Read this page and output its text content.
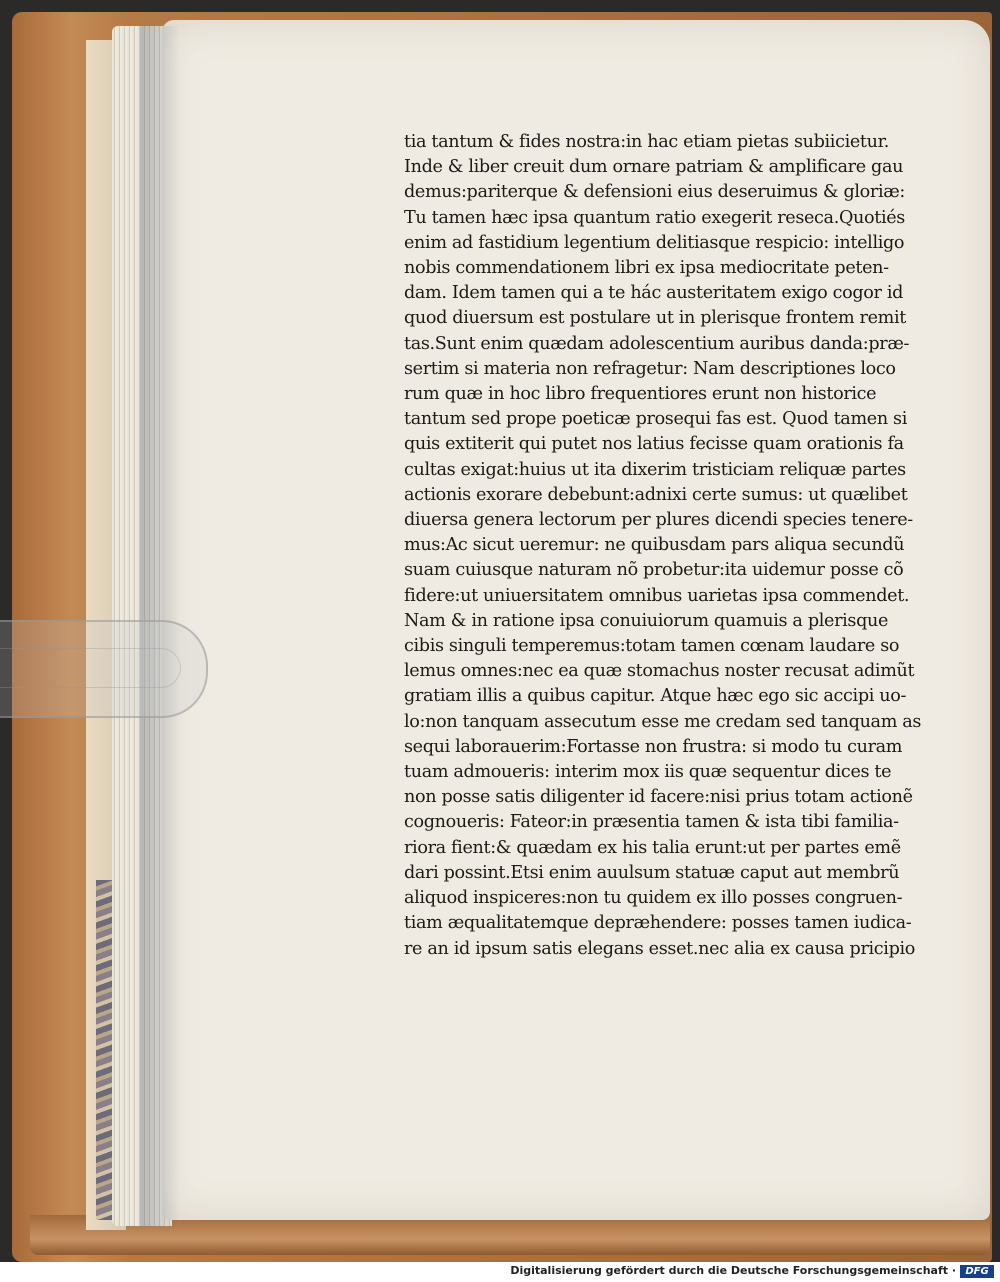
tia tantum & fides nostra:in hac etiam pietas subiicietur.
Inde & liber creuit dum ornare patriam & amplificare gau
demus:pariterque & defensioni eius deseruimus & gloriæ:
Tu tamen hæc ipsa quantum ratio exegerit reseca.Quotiés
enim ad fastidium legentium delitiasque respicio: intelligo
nobis commendationem libri ex ipsa mediocritate peten-
dam. Idem tamen qui a te hác austeritatem exigo cogor id
quod diuersum est postulare ut in plerisque frontem remit
tas.Sunt enim quædam adolescentium auribus danda:præ-
sertim si materia non refragetur: Nam descriptiones loco
rum quæ in hoc libro frequentiores erunt non historice
tantum sed prope poeticæ prosequi fas est. Quod tamen si
quis extiterit qui putet nos latius fecisse quam orationis fa
cultas exigat:huius ut ita dixerim tristiciam reliquæ partes
actionis exorare debebunt:adnixi certe sumus: ut quælibet
diuersa genera lectorum per plures dicendi species tenere-
mus:Ac sicut ueremur: ne quibusdam pars aliqua secundũ
suam cuiusque naturam nõ probetur:ita uidemur posse cõ
fidere:ut uniuersitatem omnibus uarietas ipsa commendet.
Nam & in ratione ipsa conuiuiorum quamuis a plerisque
cibis singuli temperemus:totam tamen cœnam laudare so
lemus omnes:nec ea quæ stomachus noster recusat adimũt
gratiam illis a quibus capitur. Atque hæc ego sic accipi uo-
lo:non tanquam assecutum esse me credam sed tanquam as
sequi laborauerim:Fortasse non frustra: si modo tu curam
tuam admoueris: interim mox iis quæ sequentur dices te
non posse satis diligenter id facere:nisi prius totam actionẽ
cognoueris: Fateor:in præsentia tamen & ista tibi familia-
riora fient:& quædam ex his talia erunt:ut per partes emẽ
dari possint.Etsi enim auulsum statuæ caput aut membrũ
aliquod inspiceres:non tu quidem ex illo posses congruen-
tiam æqualitatemque depræhendere: posses tamen iudica-
re an id ipsum satis elegans esset.nec alia ex causa pricipio
Digitalisierung gefördert durch die Deutsche Forschungsgemeinschaft · DFG
